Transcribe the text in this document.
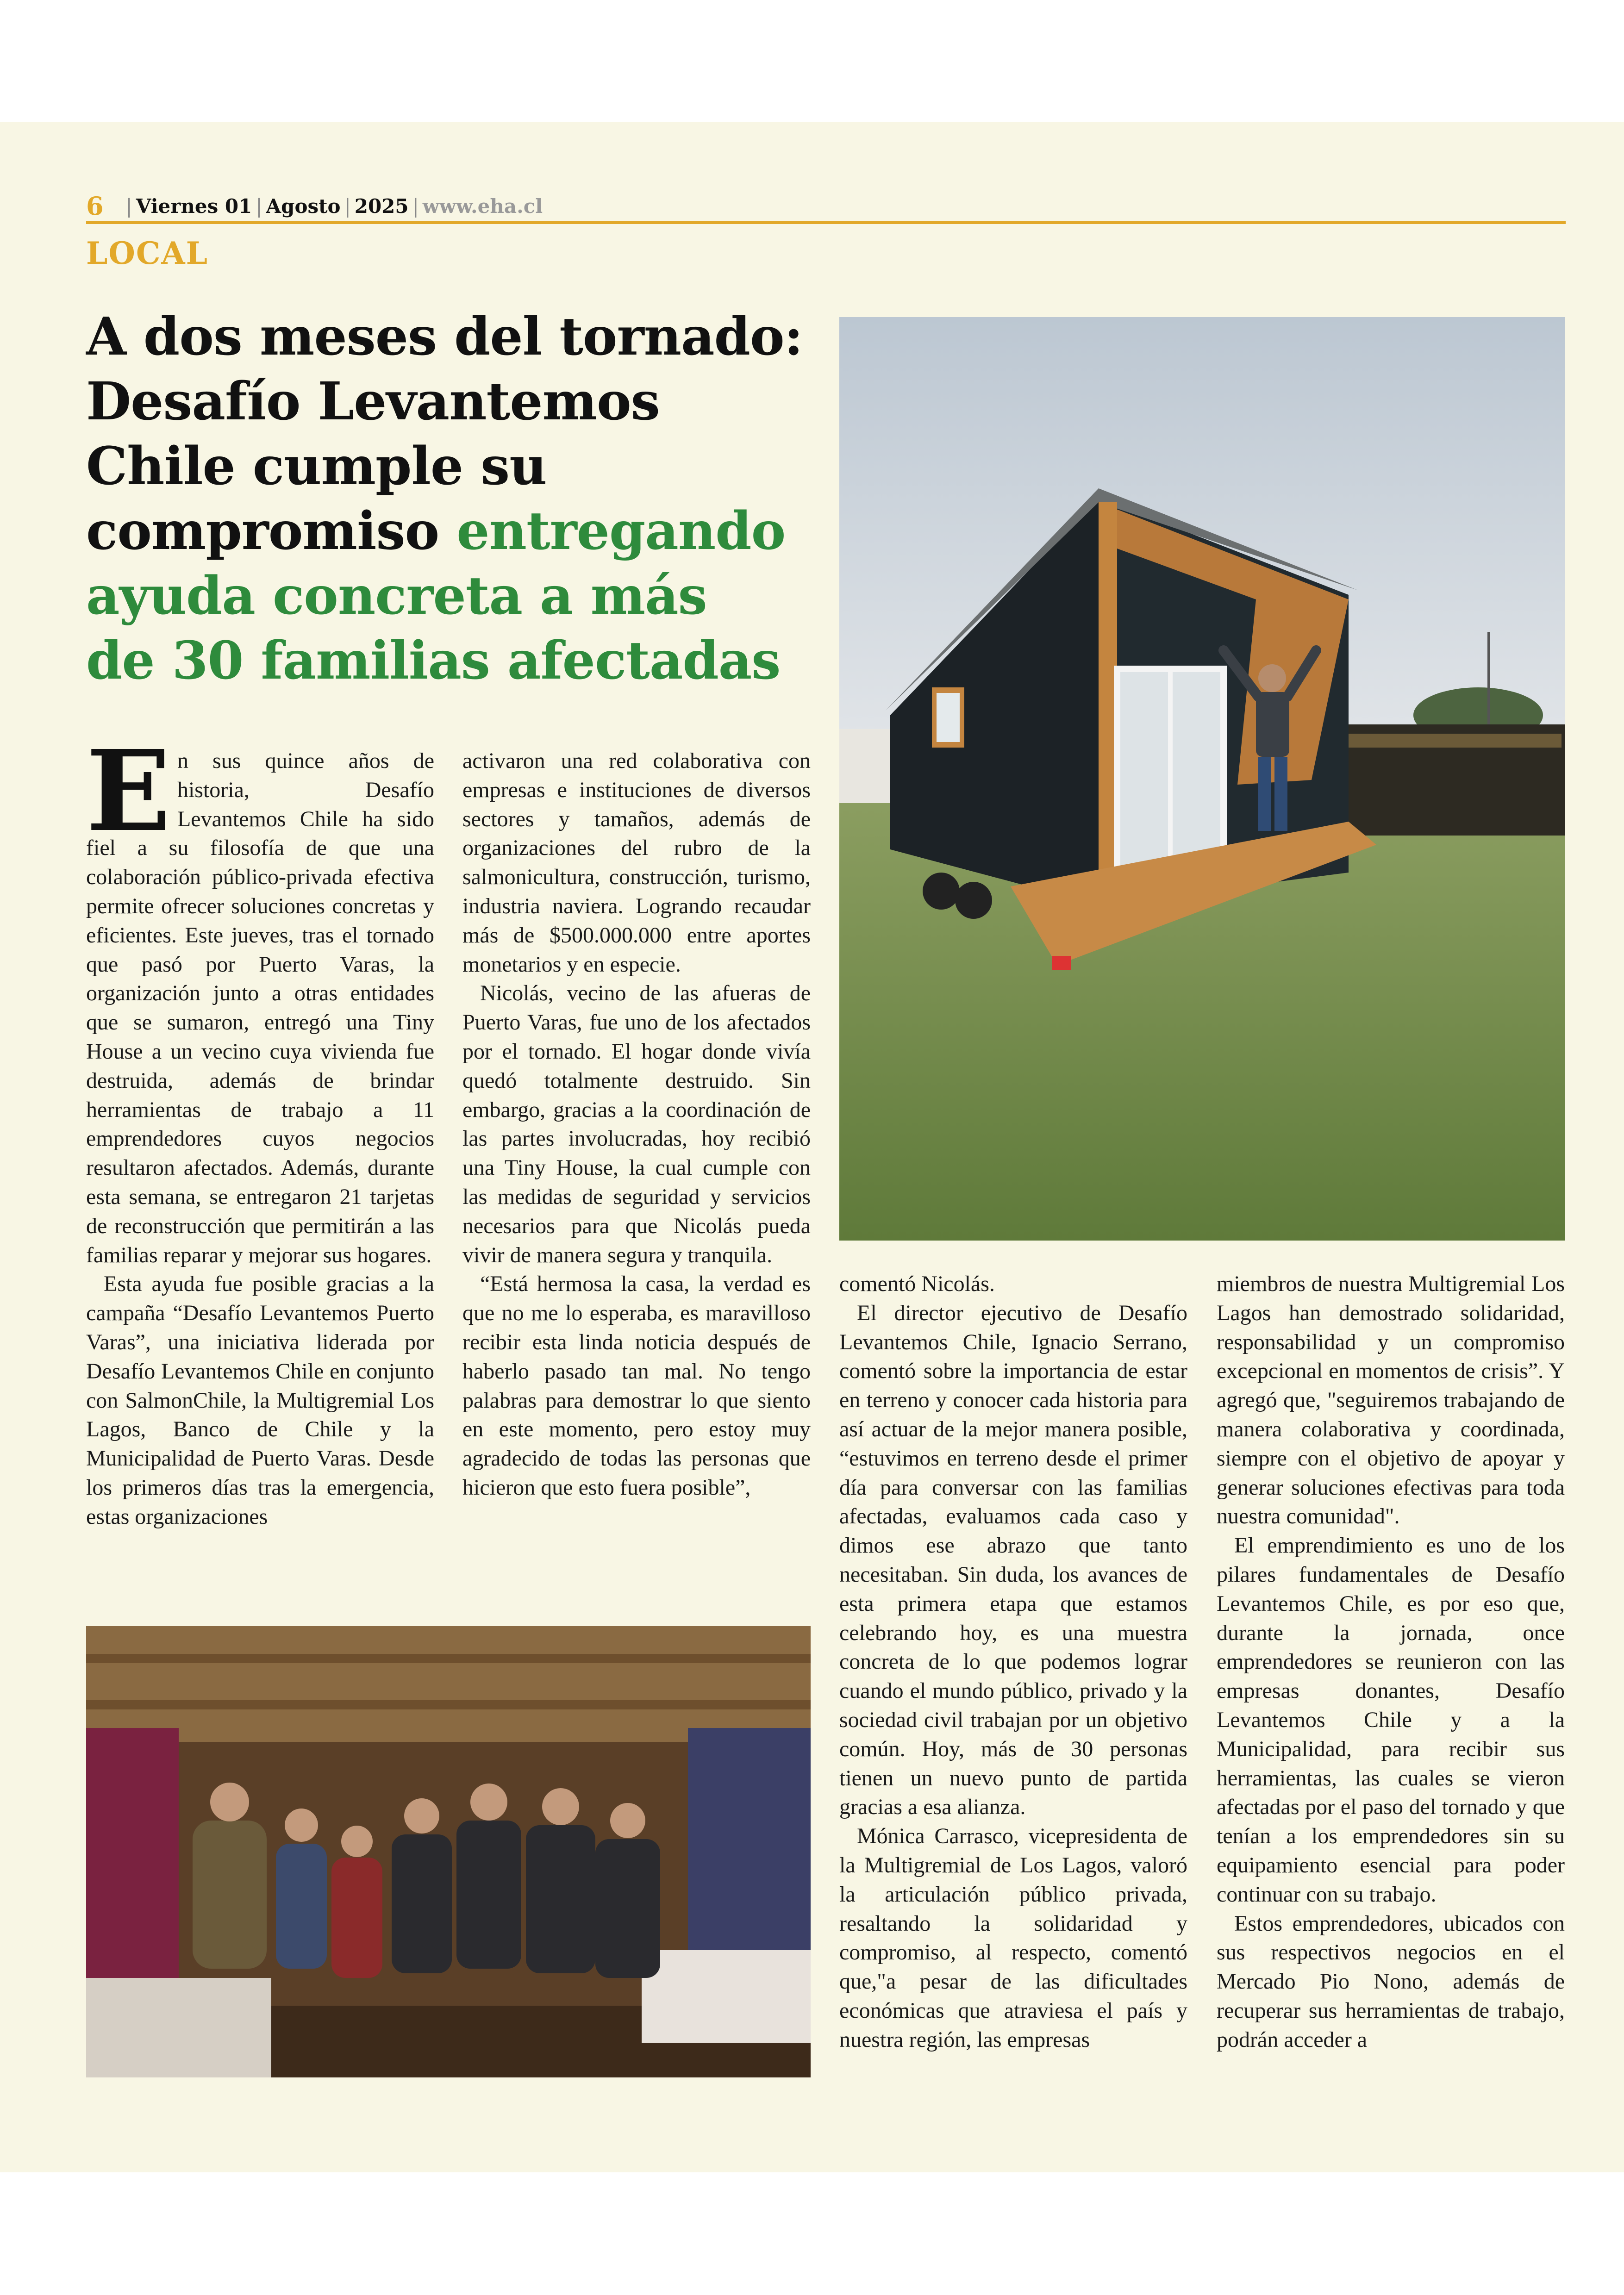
6 | Viernes 01 | Agosto | 2025 | www.eha.cl
LOCAL
A dos meses del tornado:
Desafío Levantemos
Chile cumple su
compromiso entregando
ayuda concreta a más
de 30 familias afectadas

En sus quince años de historia, Desafío Levantemos Chile ha sido fiel a su filosofía de que una colaboración público-privada efectiva permite ofrecer soluciones concretas y eficientes. Este jueves, tras el tornado que pasó por Puerto Varas, la organización junto a otras entidades que se sumaron, entregó una Tiny House a un vecino cuya vivienda fue destruida, además de brindar herramientas de trabajo a 11 emprendedores cuyos negocios resultaron afectados. Además, durante esta semana, se entregaron 21 tarjetas de reconstrucción que permitirán a las familias reparar y mejorar sus hogares.

Esta ayuda fue posible gracias a la campaña “Desafío Levantemos Puerto Varas”, una iniciativa liderada por Desafío Levantemos Chile en conjunto con SalmonChile, la Multigremial Los Lagos, Banco de Chile y la Municipalidad de Puerto Varas. Desde los primeros días tras la emergencia, estas organizaciones

activaron una red colaborativa con empresas e instituciones de diversos sectores y tamaños, además de organizaciones del rubro de la salmonicultura, construcción, turismo, industria naviera. Logrando recaudar más de $500.000.000 entre aportes monetarios y en especie.

Nicolás, vecino de las afueras de Puerto Varas, fue uno de los afectados por el tornado. El hogar donde vivía quedó totalmente destruido. Sin embargo, gracias a la coordinación de las partes involucradas, hoy recibió una Tiny House, la cual cumple con las medidas de seguridad y servicios necesarios para que Nicolás pueda vivir de manera segura y tranquila.

“Está hermosa la casa, la verdad es que no me lo esperaba, es maravilloso recibir esta linda noticia después de haberlo pasado tan mal. No tengo palabras para demostrar lo que siento en este momento, pero estoy muy agradecido de todas las personas que hicieron que esto fuera posible”,

comentó Nicolás.

El director ejecutivo de Desafío Levantemos Chile, Ignacio Serrano, comentó sobre la importancia de estar en terreno y conocer cada historia para así actuar de la mejor manera posible, “estuvimos en terreno desde el primer día para conversar con las familias afectadas, evaluamos cada caso y dimos ese abrazo que tanto necesitaban. Sin duda, los avances de esta primera etapa que estamos celebrando hoy, es una muestra concreta de lo que podemos lograr cuando el mundo público, privado y la sociedad civil trabajan por un objetivo común. Hoy, más de 30 personas tienen un nuevo punto de partida gracias a esa alianza.

Mónica Carrasco, vicepresidenta de la Multigremial de Los Lagos, valoró la articulación público privada, resaltando la solidaridad y compromiso, al respecto, comentó que,"a pesar de las dificultades económicas que atraviesa el país y nuestra región, las empresas

miembros de nuestra Multigremial Los Lagos han demostrado solidaridad, responsabilidad y un compromiso excepcional en momentos de crisis”. Y agregó que, "seguiremos trabajando de manera colaborativa y coordinada, siempre con el objetivo de apoyar y generar soluciones efectivas para toda nuestra comunidad".

El emprendimiento es uno de los pilares fundamentales de Desafío Levantemos Chile, es por eso que, durante la jornada, once emprendedores se reunieron con las empresas donantes, Desafío Levantemos Chile y a la Municipalidad, para recibir sus herramientas, las cuales se vieron afectadas por el paso del tornado y que tenían a los emprendedores sin su equipamiento esencial para poder continuar con su trabajo.

Estos emprendedores, ubicados con sus respectivos negocios en el Mercado Pio Nono, además de recuperar sus herramientas de trabajo, podrán acceder a
